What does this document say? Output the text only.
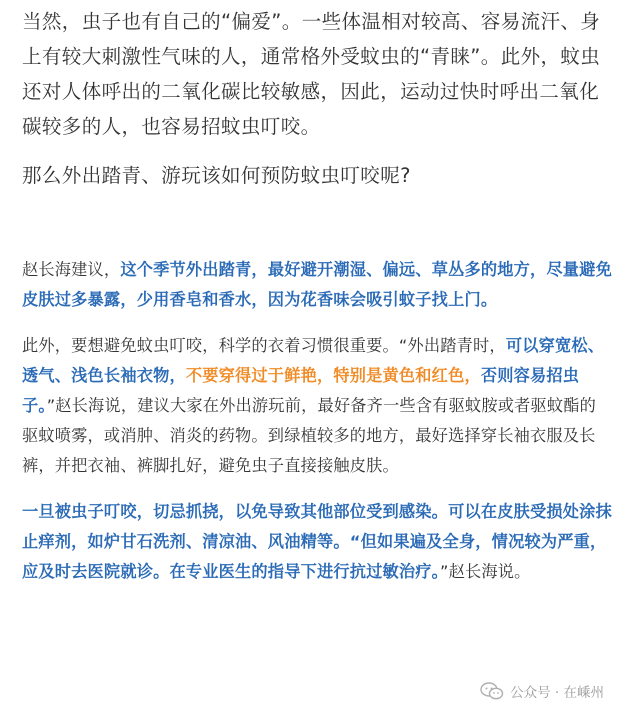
当然，虫子也有自己的“偏爱”。一些体温相对较高、容易流汗、身上有较大刺激性气味的人，通常格外受蚊虫的“青睐”。此外，蚊虫还对人体呼出的二氧化碳比较敏感，因此，运动过快时呼出二氧化碳较多的人，也容易招蚊虫叮咬。

那么外出踏青、游玩该如何预防蚊虫叮咬呢?

赵长海建议，这个季节外出踏青，最好避开潮湿、偏远、草丛多的地方，尽量避免皮肤过多暴露，少用香皂和香水，因为花香味会吸引蚊子找上门。

此外，要想避免蚊虫叮咬，科学的衣着习惯很重要。“外出踏青时，可以穿宽松、透气、浅色长袖衣物，不要穿得过于鲜艳，特别是黄色和红色，否则容易招虫子。”赵长海说，建议大家在外出游玩前，最好备齐一些含有驱蚊胺或者驱蚊酯的驱蚊喷雾，或消肿、消炎的药物。到绿植较多的地方，最好选择穿长袖衣服及长裤，并把衣袖、裤脚扎好，避免虫子直接接触皮肤。

一旦被虫子叮咬，切忌抓挠，以免导致其他部位受到感染。可以在皮肤受损处涂抹止痒剂，如炉甘石洗剂、清凉油、风油精等。“但如果遍及全身，情况较为严重，应及时去医院就诊。在专业医生的指导下进行抗过敏治疗。”赵长海说。

公众号 · 在嵊州
